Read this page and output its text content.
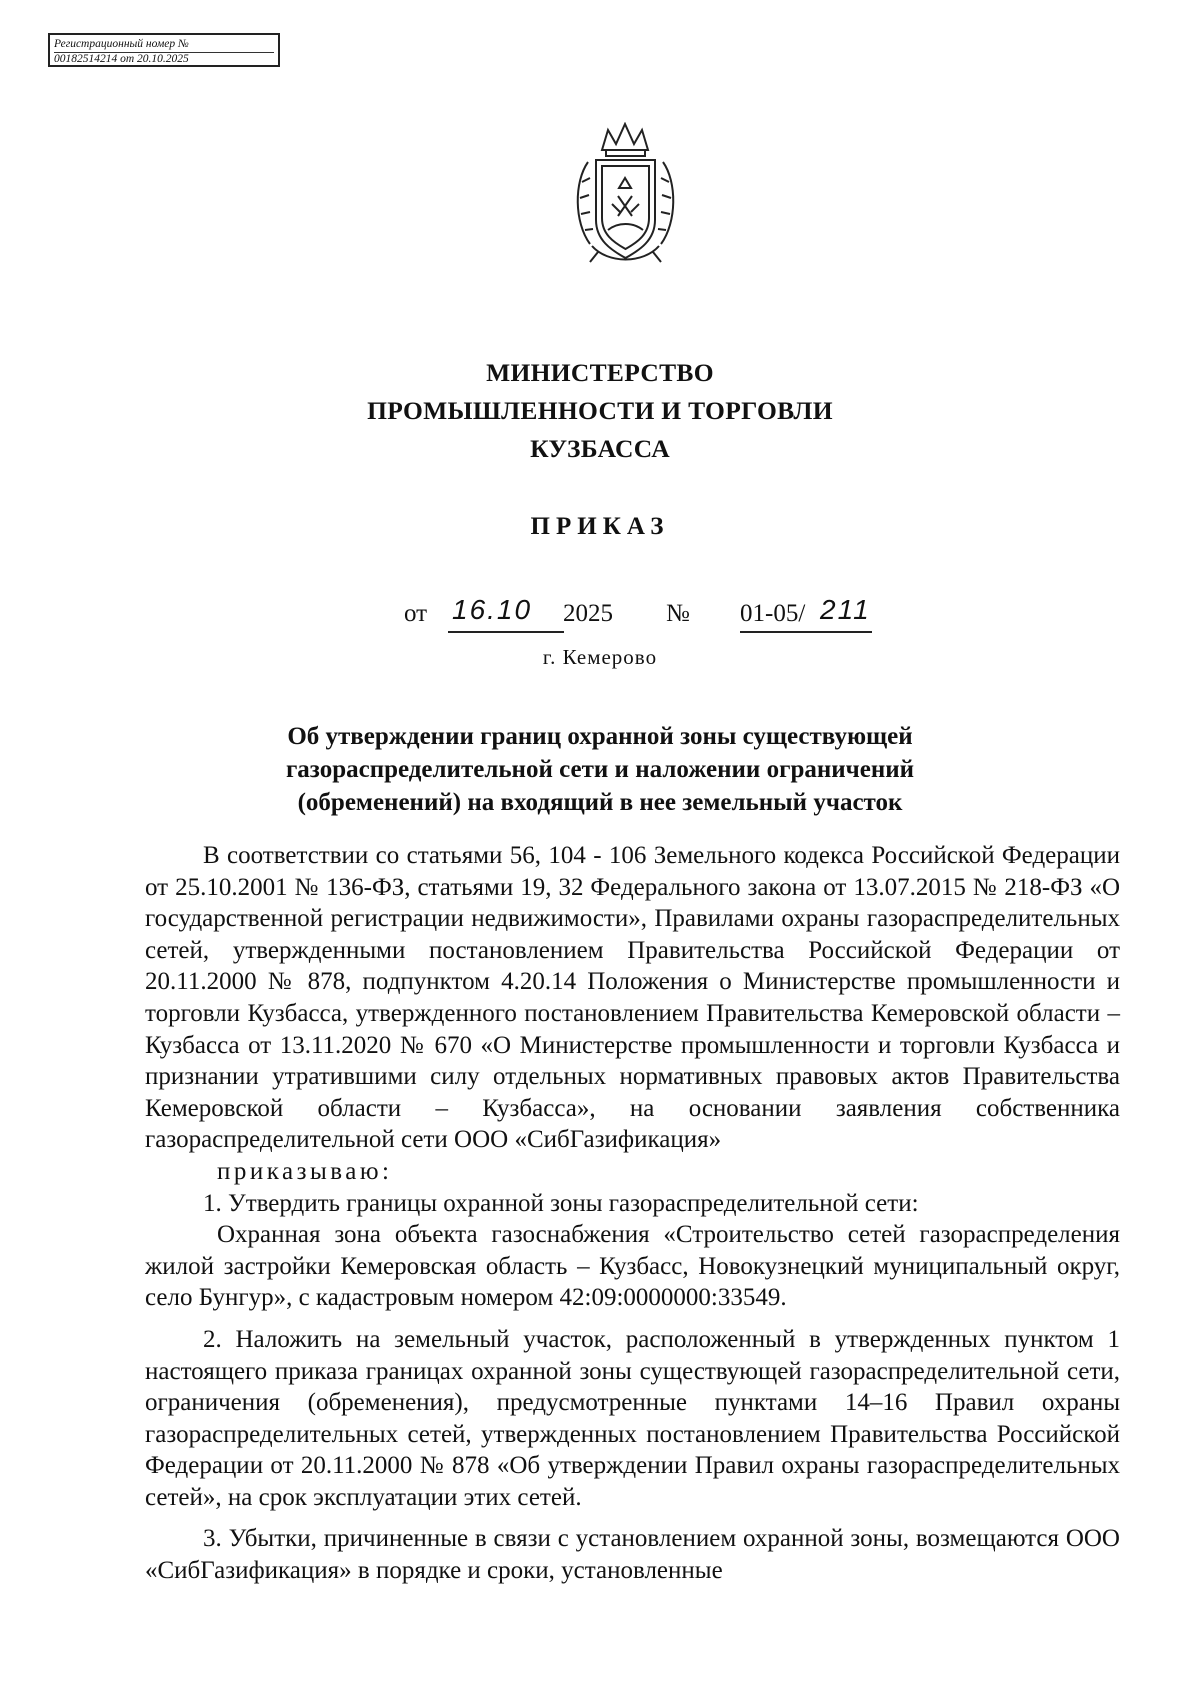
Регистрационный номер №
00182514214 от 20.10.2025
МИНИСТЕРСТВО
ПРОМЫШЛЕННОСТИ И ТОРГОВЛИ
КУЗБАССА
ПРИКАЗ
от 16.10 2025 № 01-05/ 211
г. Кемерово
Об утверждении границ охранной зоны существующей
газораспределительной сети и наложении ограничений
(обременений) на входящий в нее земельный участок

В соответствии со статьями 56, 104 - 106 Земельного кодекса Российской Федерации от 25.10.2001 № 136-ФЗ, статьями 19, 32 Федерального закона от 13.07.2015 № 218-ФЗ «О государственной регистрации недвижимости», Правилами охраны газораспределительных сетей, утвержденными постановлением Правительства Российской Федерации от 20.11.2000 № 878, подпунктом 4.20.14 Положения о Министерстве промышленности и торговли Кузбасса, утвержденного постановлением Правительства Кемеровской области – Кузбасса от 13.11.2020 № 670 «О Министерстве промышленности и торговли Кузбасса и признании утратившими силу отдельных нормативных правовых актов Правительства Кемеровской области – Кузбасса», на основании заявления собственника газораспределительной сети ООО «СибГазификация»

приказываю:

1. Утвердить границы охранной зоны газораспределительной сети:

Охранная зона объекта газоснабжения «Строительство сетей газораспределения жилой застройки Кемеровская область – Кузбасс, Новокузнецкий муниципальный округ, село Бунгур», с кадастровым номером 42:09:0000000:33549.

2. Наложить на земельный участок, расположенный в утвержденных пунктом 1 настоящего приказа границах охранной зоны существующей газораспределительной сети, ограничения (обременения), предусмотренные пунктами 14–16 Правил охраны газораспределительных сетей, утвержденных постановлением Правительства Российской Федерации от 20.11.2000 № 878 «Об утверждении Правил охраны газораспределительных сетей», на срок эксплуатации этих сетей.

3. Убытки, причиненные в связи с установлением охранной зоны, возмещаются ООО «СибГазификация» в порядке и сроки, установленные
